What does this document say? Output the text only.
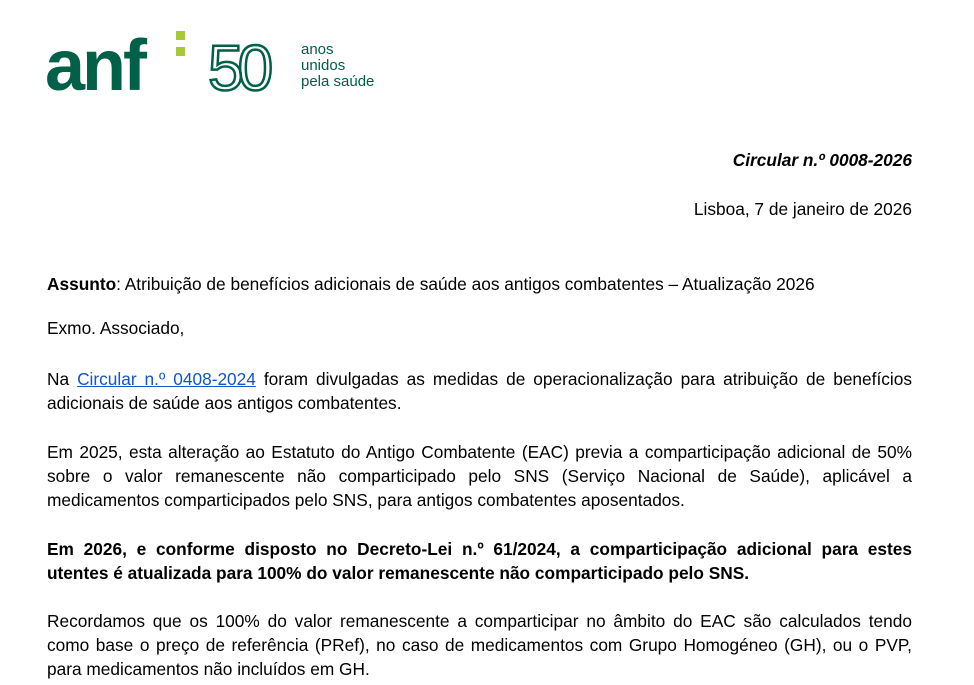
anf 50 anos
unidos
pela saúde

Circular n.º 0008-2026

Lisboa, 7 de janeiro de 2026

Assunto: Atribuição de benefícios adicionais de saúde aos antigos combatentes – Atualização 2026

Exmo. Associado,

Na Circular n.º 0408-2024 foram divulgadas as medidas de operacionalização para atribuição de benefícios adicionais de saúde aos antigos combatentes.

Em 2025, esta alteração ao Estatuto do Antigo Combatente (EAC) previa a comparticipação adicional de 50% sobre o valor remanescente não comparticipado pelo SNS (Serviço Nacional de Saúde), aplicável a medicamentos comparticipados pelo SNS, para antigos combatentes aposentados.

Em 2026, e conforme disposto no Decreto-Lei n.º 61/2024, a comparticipação adicional para estes utentes é atualizada para 100% do valor remanescente não comparticipado pelo SNS.

Recordamos que os 100% do valor remanescente a comparticipar no âmbito do EAC são calculados tendo como base o preço de referência (PRef), no caso de medicamentos com Grupo Homogéneo (GH), ou o PVP, para medicamentos não incluídos em GH.
